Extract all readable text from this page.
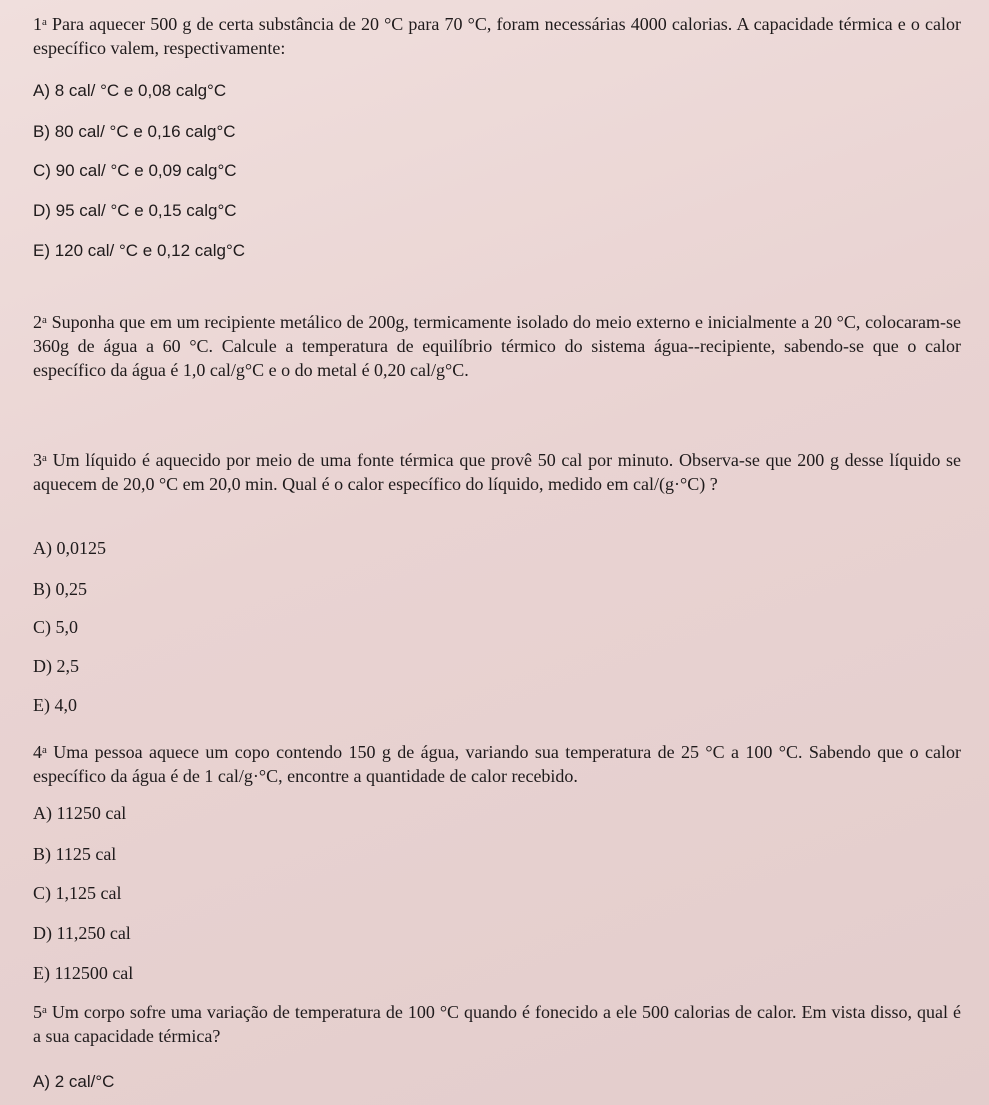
1$^a$ Para aquecer 500 g de certa substância de 20 °C para 70 °C, foram necessárias 4000 calorias. A capacidade térmica e o calor específico valem, respectivamente:

A) 8 cal/ °C e 0,08 calg°C
B) 80 cal/ °C e 0,16 calg°C
C) 90 cal/ °C e 0,09 calg°C
D) 95 cal/ °C e 0,15 calg°C
E) 120 cal/ °C e 0,12 calg°C

2$^a$ Suponha que em um recipiente metálico de 200g, termicamente isolado do meio externo e inicialmente a 20 °C, colocaram-se 360g de água a 60 °C. Calcule a temperatura de equilíbrio térmico do sistema água--recipiente, sabendo-se que o calor específico da água é 1,0 cal/g°C e o do metal é 0,20 cal/g°C.

3$^a$ Um líquido é aquecido por meio de uma fonte térmica que provê 50 cal por minuto. Observa-se que 200 g desse líquido se aquecem de 20,0 °C em 20,0 min. Qual é o calor específico do líquido, medido em cal/(g·°C) ?

A) 0,0125
B) 0,25
C) 5,0
D) 2,5
E) 4,0

4$^a$ Uma pessoa aquece um copo contendo 150 g de água, variando sua temperatura de 25 °C a 100 °C. Sabendo que o calor específico da água é de 1 cal/g·°C, encontre a quantidade de calor recebido.

A) 11250 cal
B) 1125 cal
C) 1,125 cal
D) 11,250 cal
E) 112500 cal

5$^a$ Um corpo sofre uma variação de temperatura de 100 °C quando é fonecido a ele 500 calorias de calor. Em vista disso, qual é a sua capacidade térmica?

A) 2 cal/°C
